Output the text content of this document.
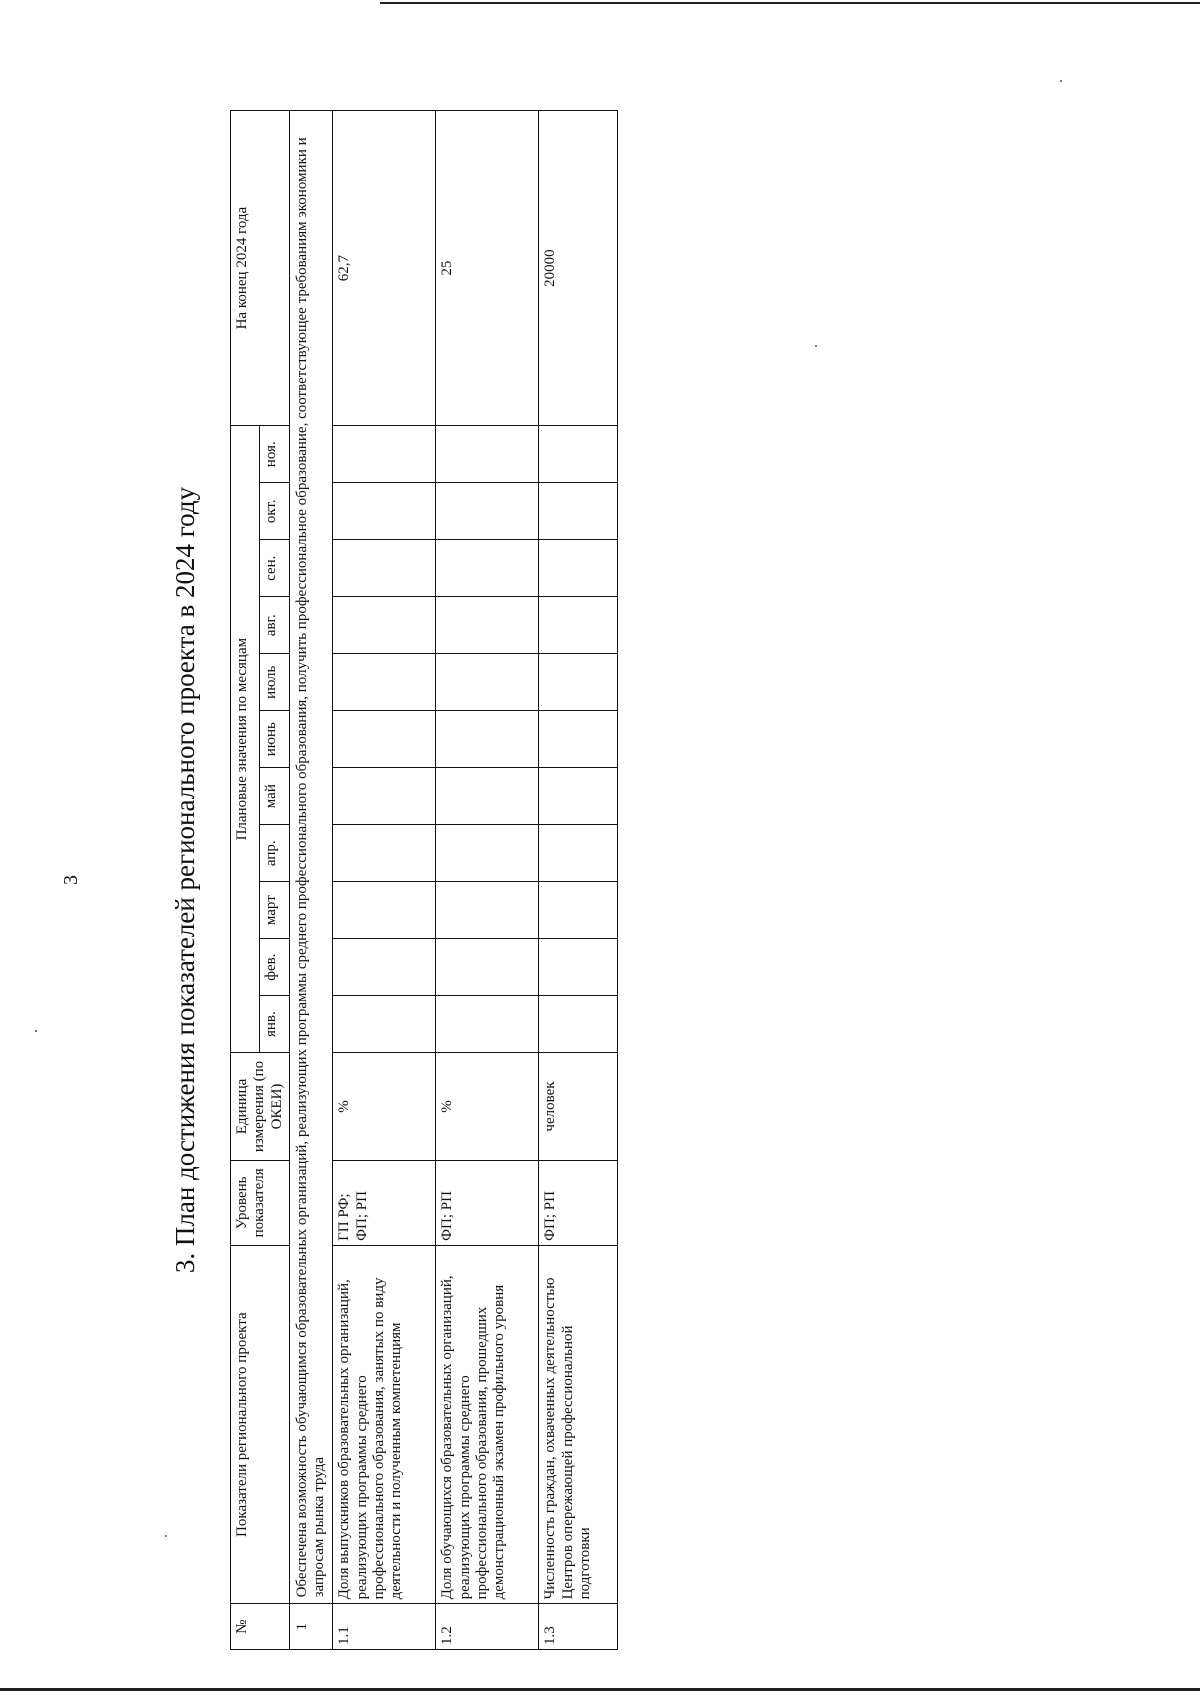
3	3. План достижения показателей регионального проекта в 2024 году
№	Показатели регионального проекта	Уровень показателя	Единица измерения (по ОКЕИ)	Плановые значения по месяцам											На конец 2024 года
				янв.	фев.	март	апр.	май	июнь	июль	авг.	сен.	окт.	ноя.	
1	Обеспечена возможность обучающимся образовательных организаций, реализующих программы среднего профессионального образования, получить профессиональное образование, соответствующее требованиям экономики и запросам рынка труда														
1.1	Доля выпускников образовательных организаций, реализующих программы среднего профессионального образования, занятых по виду деятельности и полученным компетенциям	ГП РФ; ФП; РП	%												62,7
1.2	Доля обучающихся образовательных организаций, реализующих программы среднего профессионального образования, прошедших демонстрационный экзамен профильного уровня	ФП; РП	%												25
1.3	Численность граждан, охваченных деятельностью Центров опережающей профессиональной подготовки	ФП; РП	человек												20000
